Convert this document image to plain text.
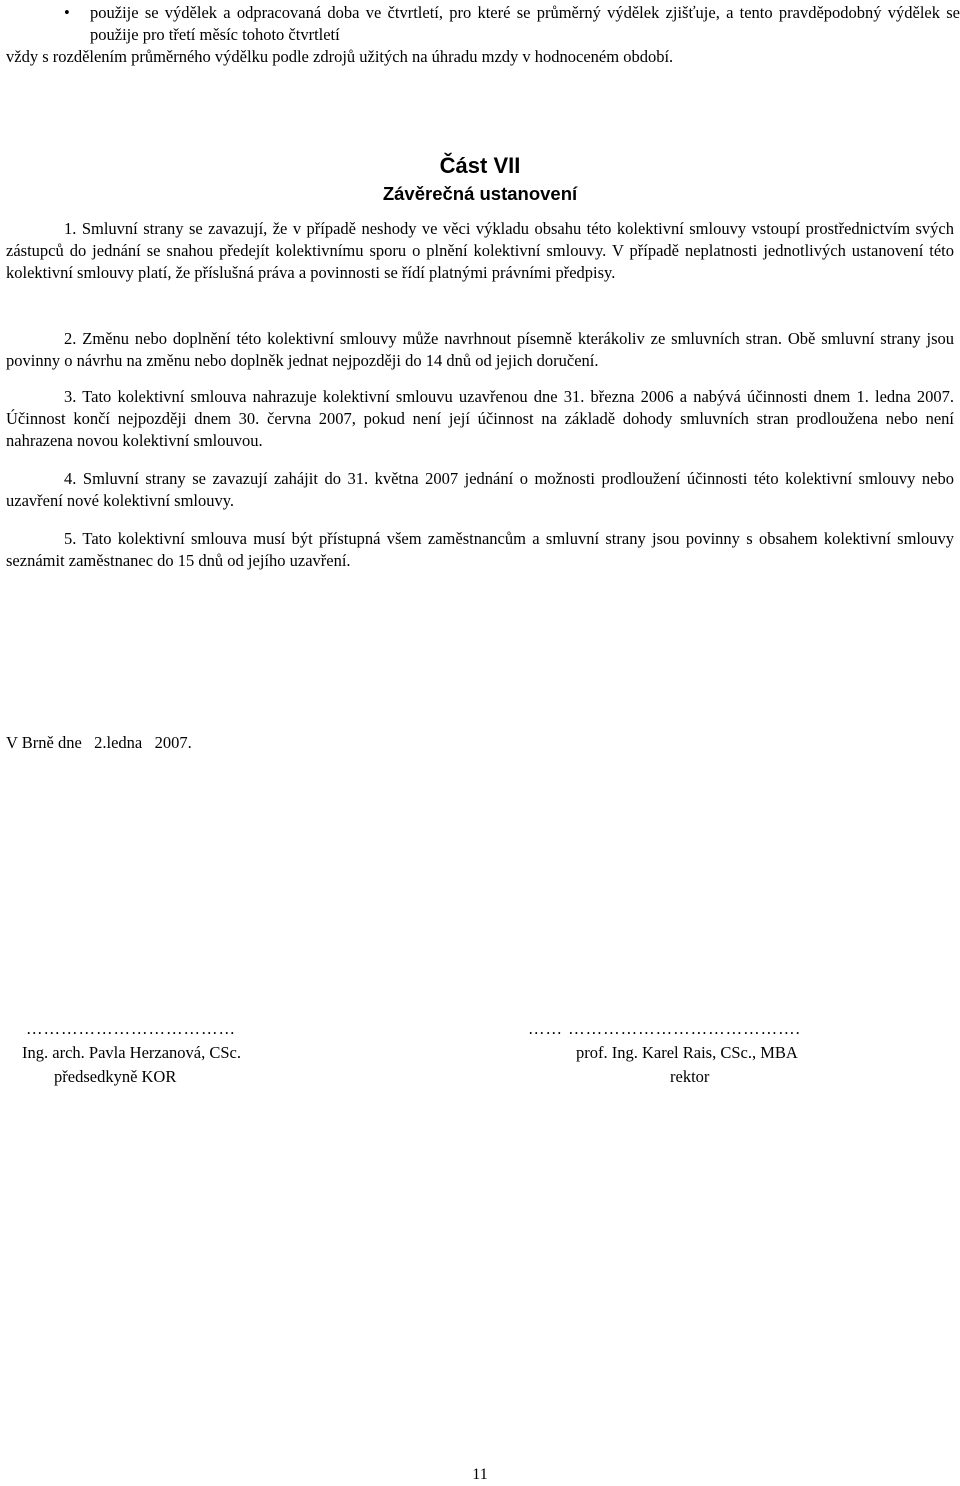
• použije se výdělek a odpracovaná doba ve čtvrtletí, pro které se průměrný výdělek zjišťuje, a tento pravděpodobný výdělek se použije pro třetí měsíc tohoto čtvrtletí
vždy s rozdělením průměrného výdělku podle zdrojů užitých na úhradu mzdy v hodnoceném období.
Část VII
Závěrečná ustanovení

1. Smluvní strany se zavazují, že v případě neshody ve věci výkladu obsahu této kolektivní smlouvy vstoupí prostřednictvím svých zástupců do jednání se snahou předejít kolektivnímu sporu o plnění kolektivní smlouvy. V případě neplatnosti jednotlivých ustanovení této kolektivní smlouvy platí, že příslušná práva a povinnosti se řídí platnými právními předpisy.

2. Změnu nebo doplnění této kolektivní smlouvy může navrhnout písemně kterákoliv ze smluvních stran. Obě smluvní strany jsou povinny o návrhu na změnu nebo doplněk jednat nejpozději do 14 dnů od jejich doručení.

3. Tato kolektivní smlouva nahrazuje kolektivní smlouvu uzavřenou dne 31. března 2006 a nabývá účinnosti dnem 1. ledna 2007. Účinnost končí nejpozději dnem 30. června 2007, pokud není její účinnost na základě dohody smluvních stran prodloužena nebo není nahrazena novou kolektivní smlouvou.

4. Smluvní strany se zavazují zahájit do 31. května 2007 jednání o možnosti prodloužení účinnosti této kolektivní smlouvy nebo uzavření nové kolektivní smlouvy.

5. Tato kolektivní smlouva musí být přístupná všem zaměstnancům a smluvní strany jsou povinny s obsahem kolektivní smlouvy seznámit zaměstnanec do 15 dnů od jejího uzavření.

V Brně dne   2.ledna   2007.
………………………………
Ing. arch. Pavla Herzanová, CSc.
předsedkyně KOR
…… ………………………………….
prof. Ing. Karel Rais, CSc., MBA
rektor
11
